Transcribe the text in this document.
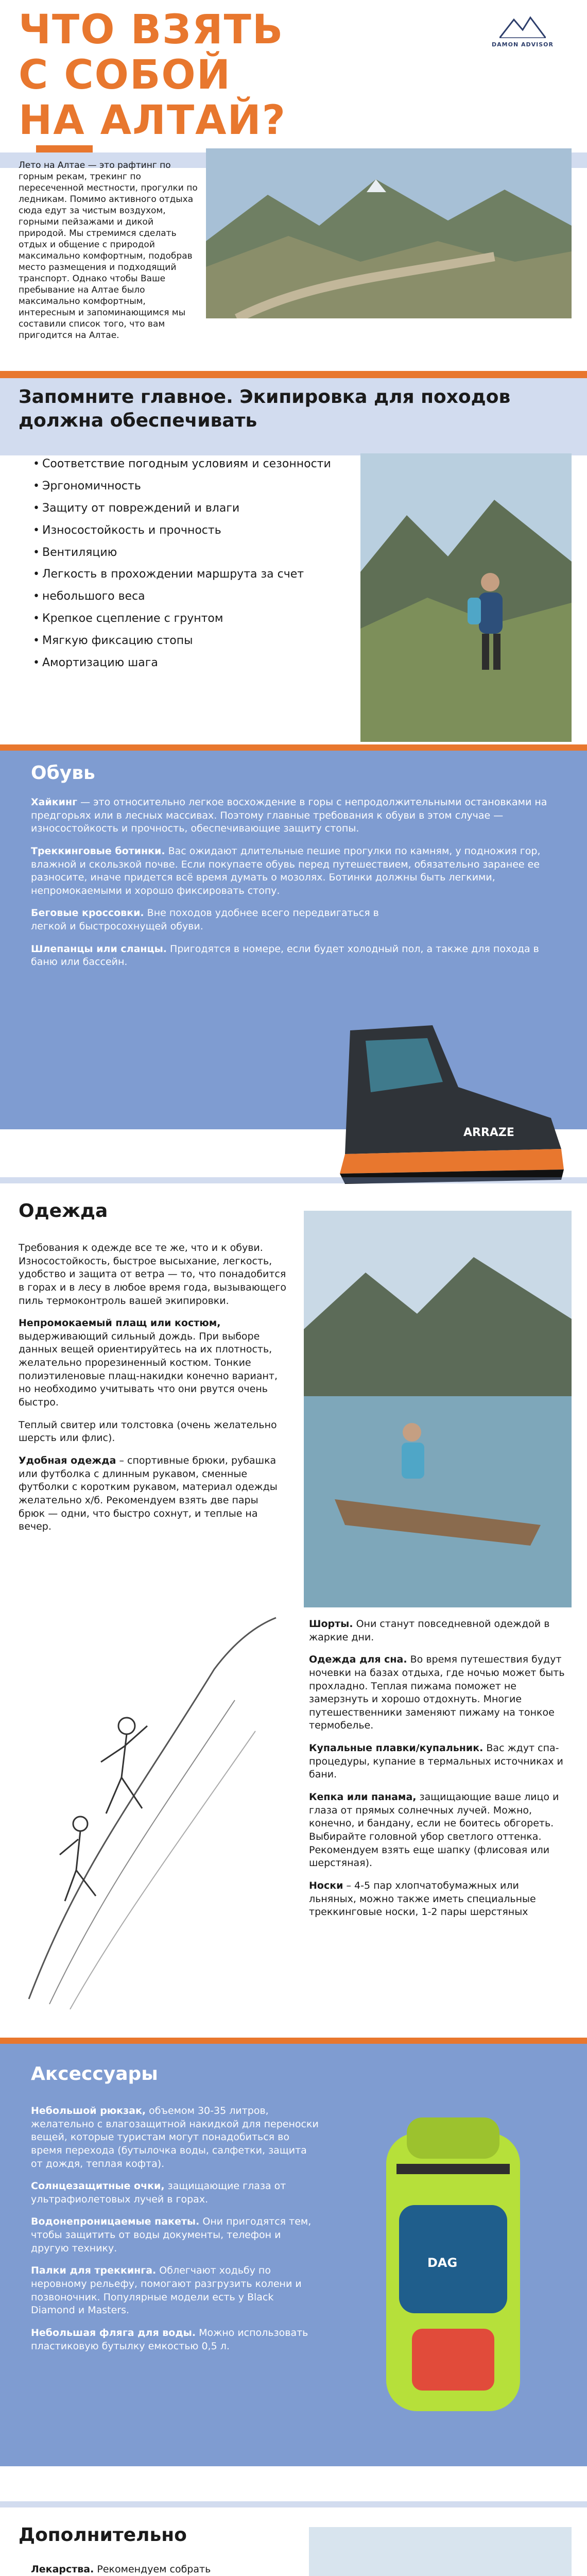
DAMON ADVISOR
ЧТО ВЗЯТЬ С СОБОЙ НА АЛТАЙ?

Лето на Алтае — это рафтинг по горным рекам, трекинг по пересеченной местности, прогулки по ледникам. Помимо активного отдыха сюда едут за чистым воздухом, горными пейзажами и дикой природой. Мы стремимся сделать отдых и общение с природой максимально комфортным, подобрав место размещения и подходящий транспорт. Однако чтобы Ваше пребывание на Алтае было максимально комфортным, интересным и запоминающимся мы составили список того, что вам пригодится на Алтае.

Запомните главное. Экипировка для походов должна обеспечивать
• Соответствие погодным условиям и сезонности
• Эргономичность
• Защиту от повреждений и влаги
• Износостойкость и прочность
• Вентиляцию
• Легкость в прохождении маршрута за счет
• небольшого веса
• Крепкое сцепление с грунтом
• Мягкую фиксацию стопы
• Амортизацию шага
Обувь

Хайкинг — это относительно легкое восхождение в горы с непродолжительными остановками на предгорьях или в лесных массивах. Поэтому главные требования к обуви в этом случае — износостойкость и прочность, обеспечивающие защиту стопы.

Треккинговые ботинки. Вас ожидают длительные пешие прогулки по камням, у подножия гор, влажной и скользкой почве. Если покупаете обувь перед путешествием, обязательно заранее ее разносите, иначе придется всё время думать о мозолях. Ботинки должны быть легкими, непромокаемыми и хорошо фиксировать стопу.

Беговые кроссовки. Вне походов удобнее всего передвигаться в легкой и быстросохнущей обуви.

Шлепанцы или сланцы. Пригодятся в номере, если будет холодный пол, а также для похода в баню или бассейн.

ARRAZE
Одежда

Требования к одежде все те же, что и к обуви. Износостойкость, быстрое высыхание, легкость, удобство и защита от ветра — то, что понадобится в горах и в лесу в любое время года, вызывающего пиль термоконтроль вашей экипировки.

Непромокаемый плащ или костюм, выдерживающий сильный дождь. При выборе данных вещей ориентируйтесь на их плотность, желательно прорезиненный костюм. Тонкие полиэтиленовые плащ-накидки конечно вариант, но необходимо учитывать что они рвутся очень быстро.

Теплый свитер или толстовка (очень желательно шерсть или флис).

Удобная одежда – спортивные брюки, рубашка или футболка с длинным рукавом, сменные футболки с коротким рукавом, материал одежды желательно х/б. Рекомендуем взять две пары брюк — одни, что быстро сохнут, и теплые на вечер.

Шорты. Они станут повседневной одеждой в жаркие дни.

Одежда для сна. Во время путешествия будут ночевки на базах отдыха, где ночью может быть прохладно. Теплая пижама поможет не замерзнуть и хорошо отдохнуть. Многие путешественники заменяют пижаму на тонкое термобелье.

Купальные плавки/купальник. Вас ждут спа-процедуры, купание в термальных источниках и бани.

Кепка или панама, защищающие ваше лицо и глаза от прямых солнечных лучей. Можно, конечно, и бандану, если не боитесь обгореть. Выбирайте головной убор светлого оттенка. Рекомендуем взять еще шапку (флисовая или шерстяная).

Носки – 4-5 пар хлопчатобумажных или льняных, можно также иметь специальные треккинговые носки, 1-2 пары шерстяных

Аксессуары

Небольшой рюкзак, объемом 30-35 литров, желательно с влагозащитной накидкой для переноски вещей, которые туристам могут понадобиться во время перехода (бутылочка воды, салфетки, защита от дождя, теплая кофта).

Солнцезащитные очки, защищающие глаза от ультрафиолетовых лучей в горах.

Водонепроницаемые пакеты. Они пригодятся тем, чтобы защитить от воды документы, телефон и другую технику.

Палки для треккинга. Облегчают ходьбу по неровному рельефу, помогают разгрузить колени и позвоночник. Популярные модели есть у Black Diamond и Masters.

Небольшая фляга для воды. Можно использовать пластиковую бутылку емкостью 0,5 л.

DAG
Дополнительно

Лекарства. Рекомендуем собрать
